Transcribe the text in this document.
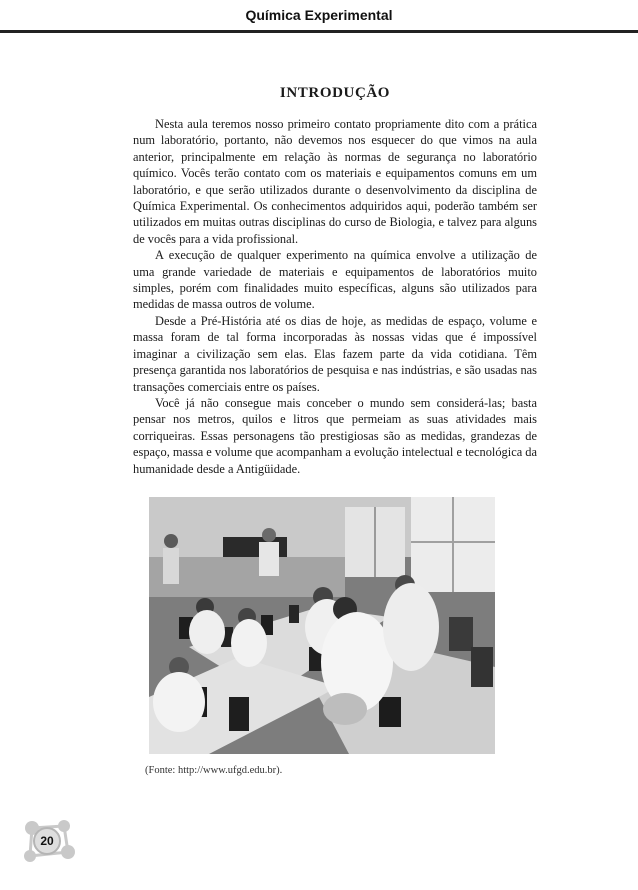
Química Experimental
INTRODUÇÃO

Nesta aula teremos nosso primeiro contato propriamente dito com a prática num laboratório, portanto, não devemos nos esquecer do que vimos na aula anterior, principalmente em relação às normas de segurança no laboratório químico. Vocês terão contato com os materiais e equipamentos comuns em um laboratório, e que serão utilizados durante o desenvolvimento da disciplina de Química Experimental. Os conhecimentos adquiridos aqui, poderão também ser utilizados em muitas outras disciplinas do curso de Biologia, e talvez para alguns de vocês para a vida profissional.

A execução de qualquer experimento na química envolve a utilização de uma grande variedade de materiais e equipamentos de laboratórios muito simples, porém com finalidades muito específicas, alguns são utilizados para medidas de massa outros de volume.

Desde a Pré-História até os dias de hoje, as medidas de espaço, volume e massa foram de tal forma incorporadas às nossas vidas que é impossível imaginar a civilização sem elas. Elas fazem parte da vida cotidiana. Têm presença garantida nos laboratórios de pesquisa e nas indústrias, e são usadas nas transações comerciais entre os países.

Você já não consegue mais conceber o mundo sem considerá-las; basta pensar nos metros, quilos e litros que permeiam as suas atividades mais corriqueiras. Essas personagens tão prestigiosas são as medidas, grandezas de espaço, massa e volume que acompanham a evolução intelectual e tecnológica da humanidade desde a Antigüidade.

(Fonte: http://www.ufgd.edu.br).
20
